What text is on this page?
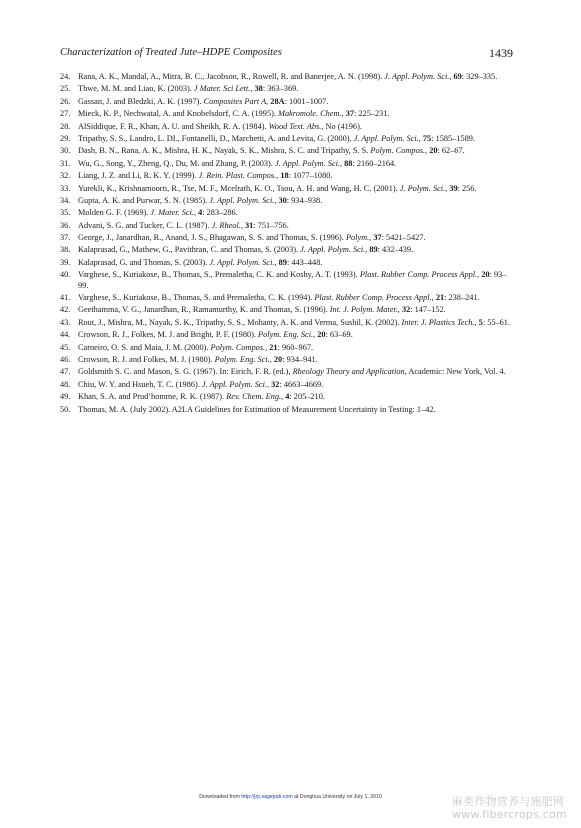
Characterization of Treated Jute–HDPE Composites	1439
24. Rana, A. K., Mandal, A., Mitra, B. C., Jacobson, R., Rowell, R. and Banerjee, A. N. (1998). J. Appl. Polym. Sci., 69: 329–335.
25. Thwe, M. M. and Liao, K. (2003). J Mater. Sci Lett., 38: 363–369.
26. Gassan, J. and Bledzki, A. K. (1997). Composites Part A, 28A: 1001–1007.
27. Mieck, K. P., Nechwatal, A. and Knobelsdorf, C. A. (1995). Makromole. Chem., 37: 225–231.
28. AlSiddique, F. R., Khan, A. U. and Sheikh, R. A. (1984). Wood Text. Abs., No (4196).
29. Tripathy, S. S., Landro, L. DI., Fontanelli, D., Marchetti, A. and Levita, G. (2000). J. Appl. Polym. Sci., 75: 1585–1589.
30. Dash, B. N., Rana, A. K., Mishra, H. K., Nayak, S. K., Mishra, S. C. and Tripathy, S. S. Polym. Compos., 20: 62–67.
31. Wu, G., Song, Y., Zheng, Q., Du, M. and Zhang, P. (2003). J. Appl. Polym. Sci., 88: 2160–2164.
32. Liang, J. Z. and Li, R. K. Y. (1999). J. Rein. Plast. Compos., 18: 1077–1080.
33. Yurekli, K., Krishnamoorti, R., Tse, M. F., Mcelrath, K. O., Tsou, A. H. and Wang, H. C. (2001). J. Polym. Sci., 39: 256.
34. Gupta, A. K. and Purwar, S. N. (1985). J. Appl. Polym. Sci., 30: 934–938.
35. Molden G. F. (1969). J. Mater. Sci., 4: 283–286.
36. Advani, S. G. and Tucker, C. L. (1987). J. Rheol., 31: 751–756.
37. George, J., Janardhan, R., Anand, J. S., Bhagawan, S. S. and Thomas, S. (1996). Polym., 37: 5421–5427.
38. Kalaprasad, G., Mathew, G., Pavithran, C. and Thomas, S. (2003). J. Appl. Polym. Sci., 89: 432–439.
39. Kalaprasad, G. and Thomas, S. (2003). J. Appl. Polym. Sci., 89: 443–448.
40. Varghese, S., Kuriakose, B., Thomas, S., Premaletha, C. K. and Koshy, A. T. (1993). Plast. Rubber Comp. Process Appl., 20: 93–99.
41. Varghese, S., Kuriakose, B., Thomas, S. and Premaletha, C. K. (1994). Plast. Rubber Comp. Process Appl., 21: 238–241.
42. Geethamma, V. G., Janardhan, R., Ramamurthy, K. and Thomas, S. (1996). Int. J. Polym. Mater., 32: 147–152.
43. Rout, J., Mishra, M., Nayak, S. K., Tripathy, S. S., Mohanty, A. K. and Verma, Sushil, K. (2002). Inter. J. Plastics Tech., 5: 55–61.
44. Crowson, R. J., Folkes, M. J. and Bright, P. F. (1980). Polym. Eng. Sci., 20: 63–69.
45. Carneiro, O. S. and Maia, J. M. (2000). Polym. Compos., 21: 960–967.
46. Crowson, R. J. and Folkes, M. J. (1980). Polym. Eng. Sci., 20: 934–941.
47. Goldsmith S. C. and Mason, S. G. (1967). In: Eirich, F. R. (ed.), Rheology Theory and Application, Academic: New York, Vol. 4.
48. Chiu, W. Y. and Hsueh, T. C. (1986). J. Appl. Polym. Sci., 32: 4663–4669.
49. Khan, S. A. and Prud’homme, R. K. (1987). Rev. Chem. Eng., 4: 205–210.
50. Thomas, M. A. (July 2002). A2LA Guidelines for Estimation of Measurement Uncertainty in Testing: 1–42.
Downloaded from http://jrp.sagepub.com at Donghua University on July 1, 2010	麻类作物营养与施肥网
www.fibercrops.com
